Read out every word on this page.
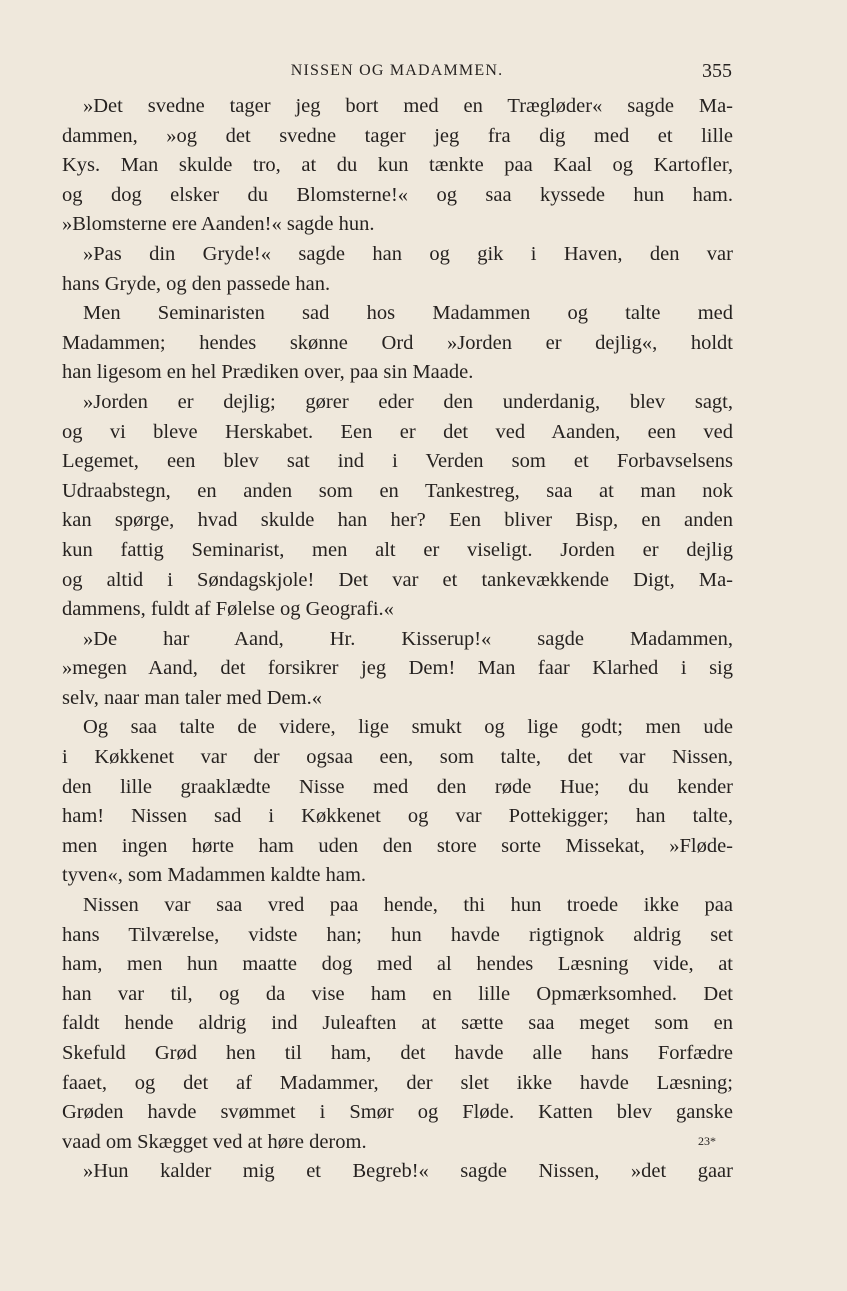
NISSEN OG MADAMMEN.	355
»Det svedne tager jeg bort med en Trægløder« sagde Ma-
dammen, »og det svedne tager jeg fra dig med et lille
Kys. Man skulde tro, at du kun tænkte paa Kaal og Kartofler,
og dog elsker du Blomsterne!« og saa kyssede hun ham.
»Blomsterne ere Aanden!« sagde hun.
»Pas din Gryde!« sagde han og gik i Haven, den var
hans Gryde, og den passede han.
Men Seminaristen sad hos Madammen og talte med
Madammen; hendes skønne Ord »Jorden er dejlig«, holdt
han ligesom en hel Prædiken over, paa sin Maade.
»Jorden er dejlig; gører eder den underdanig, blev sagt,
og vi bleve Herskabet. Een er det ved Aanden, een ved
Legemet, een blev sat ind i Verden som et Forbavselsens
Udraabstegn, en anden som en Tankestreg, saa at man nok
kan spørge, hvad skulde han her? Een bliver Bisp, en anden
kun fattig Seminarist, men alt er viseligt. Jorden er dejlig
og altid i Søndagskjole! Det var et tankevækkende Digt, Ma-
dammens, fuldt af Følelse og Geografi.«
»De har Aand, Hr. Kisserup!« sagde Madammen,
»megen Aand, det forsikrer jeg Dem! Man faar Klarhed i sig
selv, naar man taler med Dem.«
Og saa talte de videre, lige smukt og lige godt; men ude
i Køkkenet var der ogsaa een, som talte, det var Nissen,
den lille graaklædte Nisse med den røde Hue; du kender
ham! Nissen sad i Køkkenet og var Pottekigger; han talte,
men ingen hørte ham uden den store sorte Missekat, »Fløde-
tyven«, som Madammen kaldte ham.
Nissen var saa vred paa hende, thi hun troede ikke paa
hans Tilværelse, vidste han; hun havde rigtignok aldrig set
ham, men hun maatte dog med al hendes Læsning vide, at
han var til, og da vise ham en lille Opmærksomhed. Det
faldt hende aldrig ind Juleaften at sætte saa meget som en
Skefuld Grød hen til ham, det havde alle hans Forfædre
faaet, og det af Madammer, der slet ikke havde Læsning;
Grøden havde svømmet i Smør og Fløde. Katten blev ganske
vaad om Skægget ved at høre derom.
»Hun kalder mig et Begreb!« sagde Nissen, »det gaar
23*
